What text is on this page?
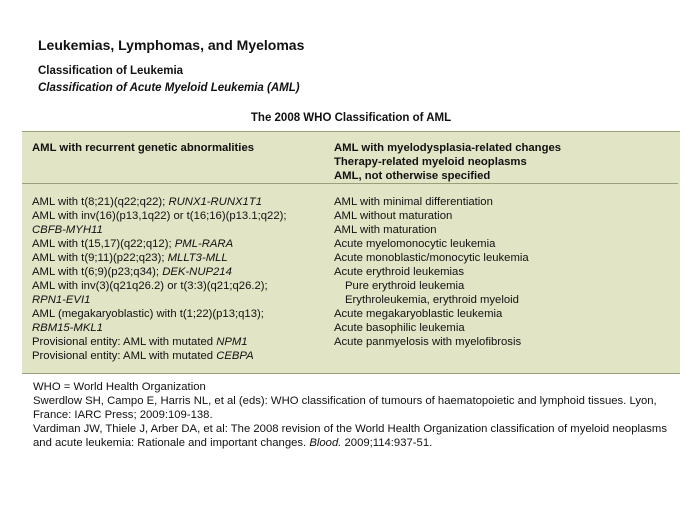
Leukemias, Lymphomas, and Myelomas
Classification of Leukemia
Classification of Acute Myeloid Leukemia (AML)
The 2008 WHO Classification of AML
AML with recurrent genetic abnormalities	AML with myelodysplasia-related changes
Therapy-related myeloid neoplasms
AML, not otherwise specified
AML with t(8;21)(q22;q22); RUNX1-RUNX1T1
AML with inv(16)(p13,1q22) or t(16;16)(p13.1;q22);
CBFB-MYH11
AML with t(15,17)(q22;q12); PML-RARA
AML with t(9;11)(p22;q23); MLLT3-MLL
AML with t(6;9)(p23;q34); DEK-NUP214
AML with inv(3)(q21q26.2) or t(3:3)(q21;q26.2);
RPN1-EVI1
AML (megakaryoblastic) with t(1;22)(p13;q13);
RBM15-MKL1
Provisional entity: AML with mutated NPM1
Provisional entity: AML with mutated CEBPA
AML with minimal differentiation
AML without maturation
AML with maturation
Acute myelomonocytic leukemia
Acute monoblastic/monocytic leukemia
Acute erythroid leukemias
Pure erythroid leukemia
Erythroleukemia, erythroid myeloid
Acute megakaryoblastic leukemia
Acute basophilic leukemia
Acute panmyelosis with myelofibrosis
WHO = World Health Organization
Swerdlow SH, Campo E, Harris NL, et al (eds): WHO classification of tumours of haematopoietic and lymphoid tissues. Lyon, France: IARC Press; 2009:109-138.
Vardiman JW, Thiele J, Arber DA, et al: The 2008 revision of the World Health Organization classification of myeloid neoplasms and acute leukemia: Rationale and important changes. Blood. 2009;114:937-51.
